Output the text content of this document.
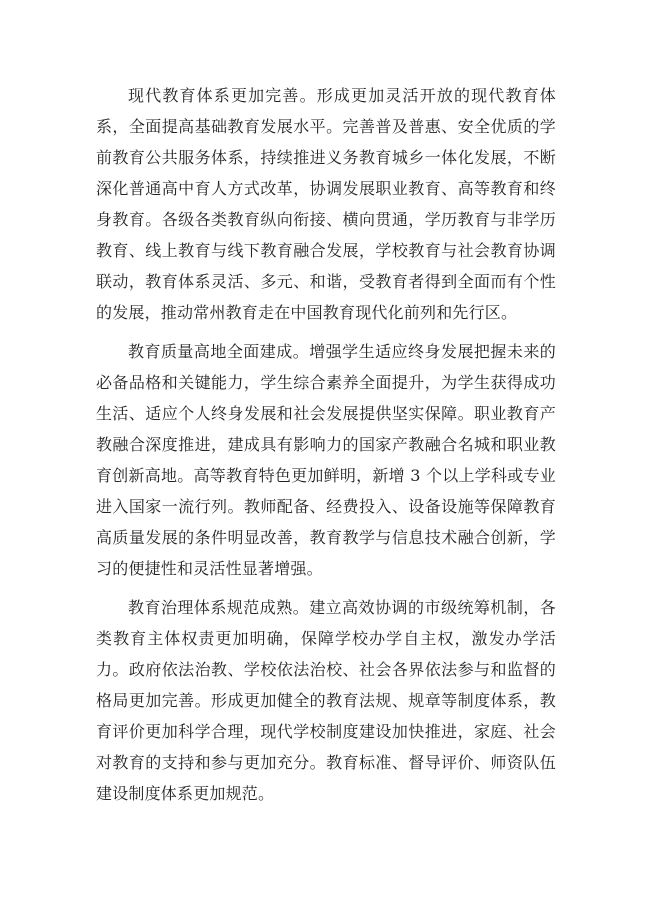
现代教育体系更加完善。形成更加灵活开放的现代教育体系，全面提高基础教育发展水平。完善普及普惠、安全优质的学前教育公共服务体系，持续推进义务教育城乡一体化发展，不断深化普通高中育人方式改革，协调发展职业教育、高等教育和终身教育。各级各类教育纵向衔接、横向贯通，学历教育与非学历教育、线上教育与线下教育融合发展，学校教育与社会教育协调联动，教育体系灵活、多元、和谐，受教育者得到全面而有个性的发展，推动常州教育走在中国教育现代化前列和先行区。

教育质量高地全面建成。增强学生适应终身发展把握未来的必备品格和关键能力，学生综合素养全面提升，为学生获得成功生活、适应个人终身发展和社会发展提供坚实保障。职业教育产教融合深度推进，建成具有影响力的国家产教融合名城和职业教育创新高地。高等教育特色更加鲜明，新增 3 个以上学科或专业进入国家一流行列。教师配备、经费投入、设备设施等保障教育高质量发展的条件明显改善，教育教学与信息技术融合创新，学习的便捷性和灵活性显著增强。

教育治理体系规范成熟。建立高效协调的市级统筹机制，各类教育主体权责更加明确，保障学校办学自主权，激发办学活力。政府依法治教、学校依法治校、社会各界依法参与和监督的格局更加完善。形成更加健全的教育法规、规章等制度体系，教育评价更加科学合理，现代学校制度建设加快推进，家庭、社会对教育的支持和参与更加充分。教育标准、督导评价、师资队伍建设制度体系更加规范。
